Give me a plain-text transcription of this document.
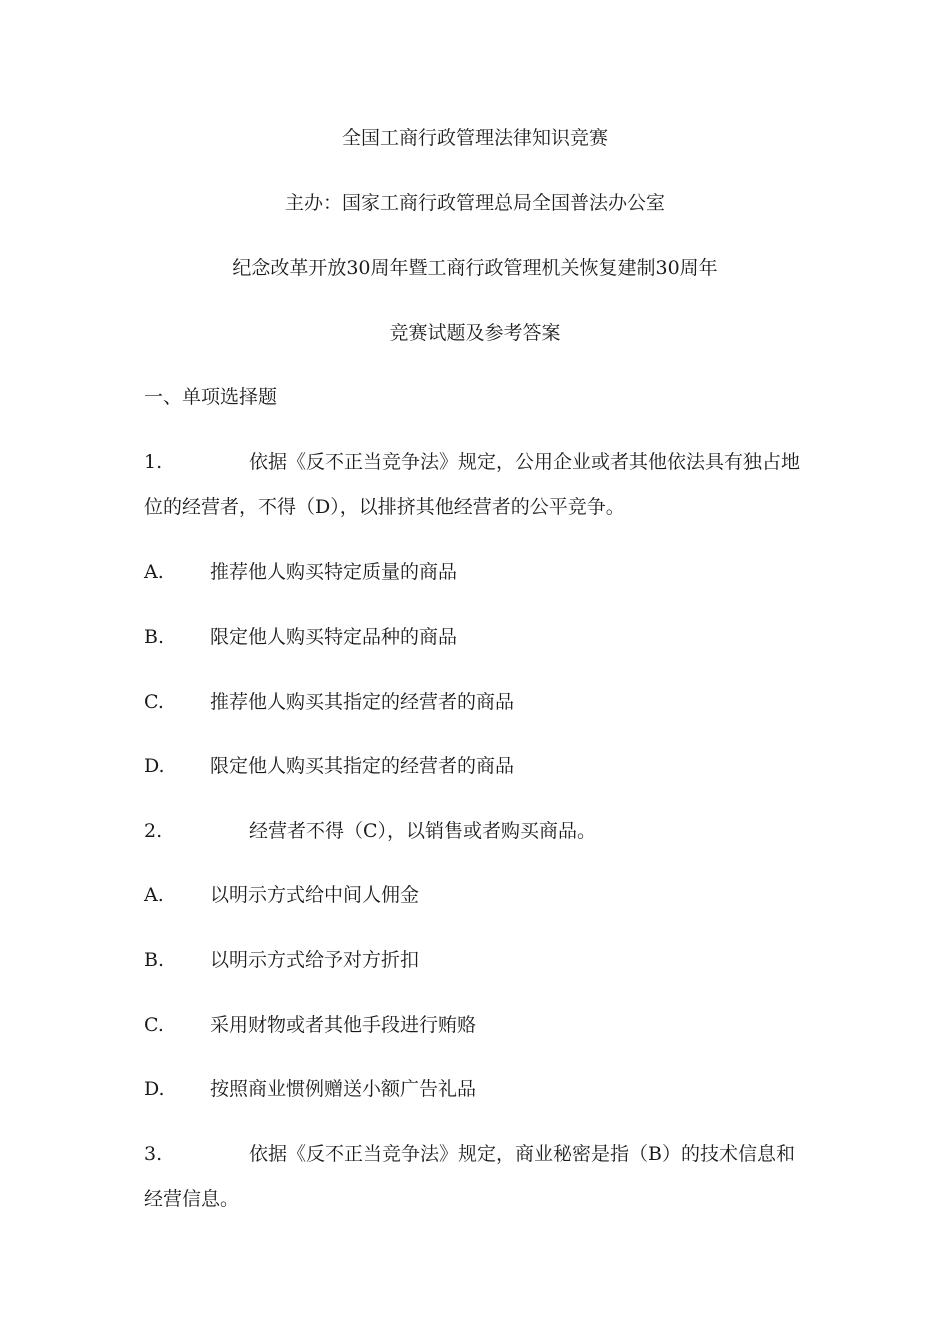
全国工商行政管理法律知识竞赛
主办：国家工商行政管理总局全国普法办公室
纪念改革开放30周年暨工商行政管理机关恢复建制30周年
竞赛试题及参考答案
一、单项选择题
1.	依据《反不正当竞争法》规定，公用企业或者其他依法具有独占地
位的经营者，不得（D），以排挤其他经营者的公平竞争。
A. 推荐他人购买特定质量的商品
B. 限定他人购买特定品种的商品
C. 推荐他人购买其指定的经营者的商品
D. 限定他人购买其指定的经营者的商品
2.	经营者不得（C），以销售或者购买商品。
A. 以明示方式给中间人佣金
B. 以明示方式给予对方折扣
C. 采用财物或者其他手段进行贿赂
D. 按照商业惯例赠送小额广告礼品
3.	依据《反不正当竞争法》规定，商业秘密是指（B）的技术信息和
经营信息。
